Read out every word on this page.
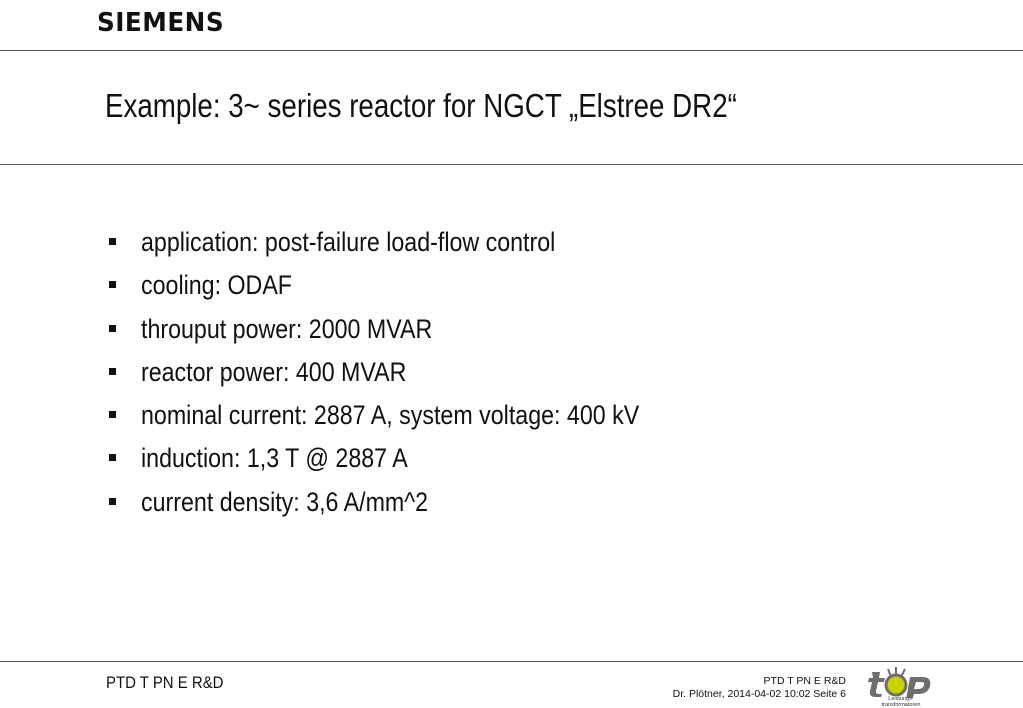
SIEMENS
Example: 3~ series reactor for NGCT „Elstree DR2“
application: post-failure load-flow control
cooling: ODAF
throuput power: 2000 MVAR
reactor power: 400 MVAR
nominal current: 2887 A, system voltage: 400 kV
induction: 1,3 T @ 2887 A
current density: 3,6 A/mm^2
PTD T PN E R&D	PTD T PN E R&D
Dr. Plötner, 2014-04-02 10:02 Seite 6	Leistungs-
transformatoren
